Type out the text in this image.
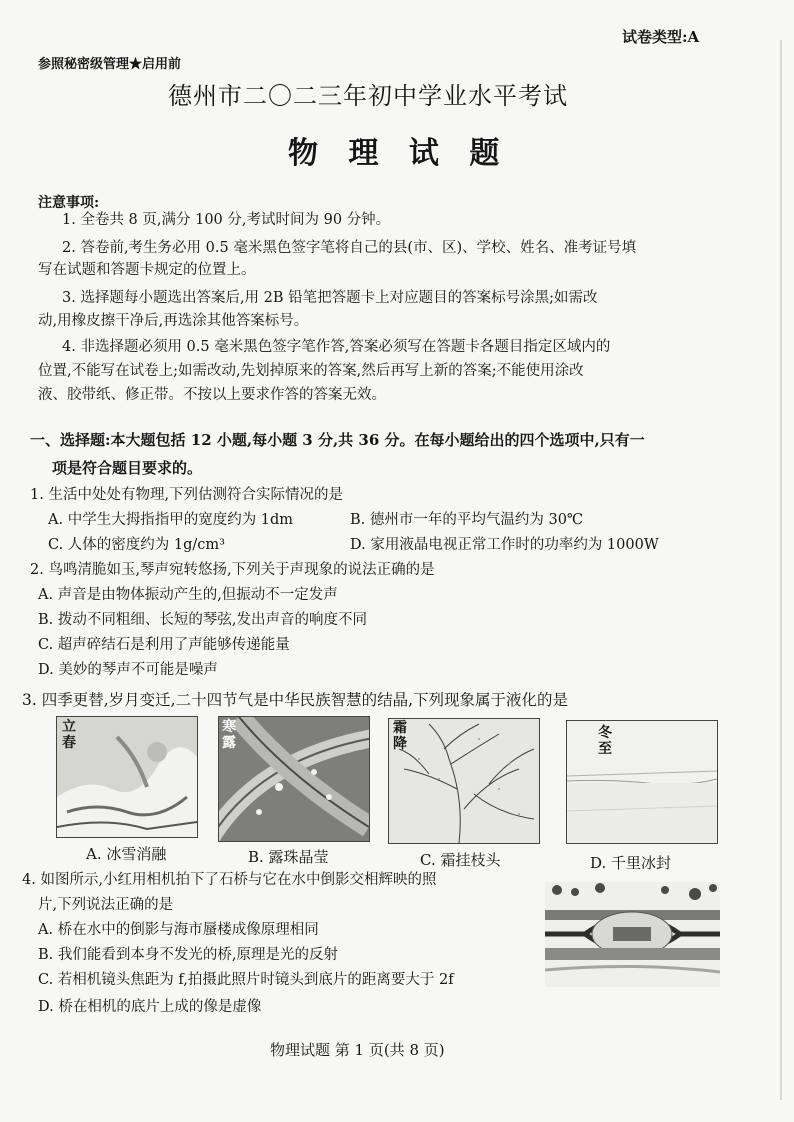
参照秘密级管理★启用前
试卷类型:A
德州市二〇二三年初中学业水平考试
物 理 试 题
注意事项:
1. 全卷共 8 页,满分 100 分,考试时间为 90 分钟。
2. 答卷前,考生务必用 0.5 毫米黑色签字笔将自己的县(市、区)、学校、姓名、准考证号填
写在试题和答题卡规定的位置上。
3. 选择题每小题选出答案后,用 2B 铅笔把答题卡上对应题目的答案标号涂黑;如需改
动,用橡皮擦干净后,再选涂其他答案标号。
4. 非选择题必须用 0.5 毫米黑色签字笔作答,答案必须写在答题卡各题目指定区域内的
位置,不能写在试卷上;如需改动,先划掉原来的答案,然后再写上新的答案;不能使用涂改
液、胶带纸、修正带。不按以上要求作答的答案无效。
一、选择题:本大题包括 12 小题,每小题 3 分,共 36 分。在每小题给出的四个选项中,只有一
项是符合题目要求的。
1. 生活中处处有物理,下列估测符合实际情况的是
A. 中学生大拇指指甲的宽度约为 1dm	B. 德州市一年的平均气温约为 30℃
C. 人体的密度约为 1g/cm³	D. 家用液晶电视正常工作时的功率约为 1000W
2. 鸟鸣清脆如玉,琴声宛转悠扬,下列关于声现象的说法正确的是
A. 声音是由物体振动产生的,但振动不一定发声
B. 拨动不同粗细、长短的琴弦,发出声音的响度不同
C. 超声碎结石是利用了声能够传递能量
D. 美妙的琴声不可能是噪声
3. 四季更替,岁月变迁,二十四节气是中华民族智慧的结晶,下列现象属于液化的是
立
春
寒
露
霜
降
冬
至
A. 冰雪消融	B. 露珠晶莹	C. 霜挂枝头	D. 千里冰封
4. 如图所示,小红用相机拍下了石桥与它在水中倒影交相辉映的照
片,下列说法正确的是
A. 桥在水中的倒影与海市蜃楼成像原理相同
B. 我们能看到本身不发光的桥,原理是光的反射
C. 若相机镜头焦距为 f,拍摄此照片时镜头到底片的距离要大于 2f
D. 桥在相机的底片上成的像是虚像
物理试题 第 1 页(共 8 页)
